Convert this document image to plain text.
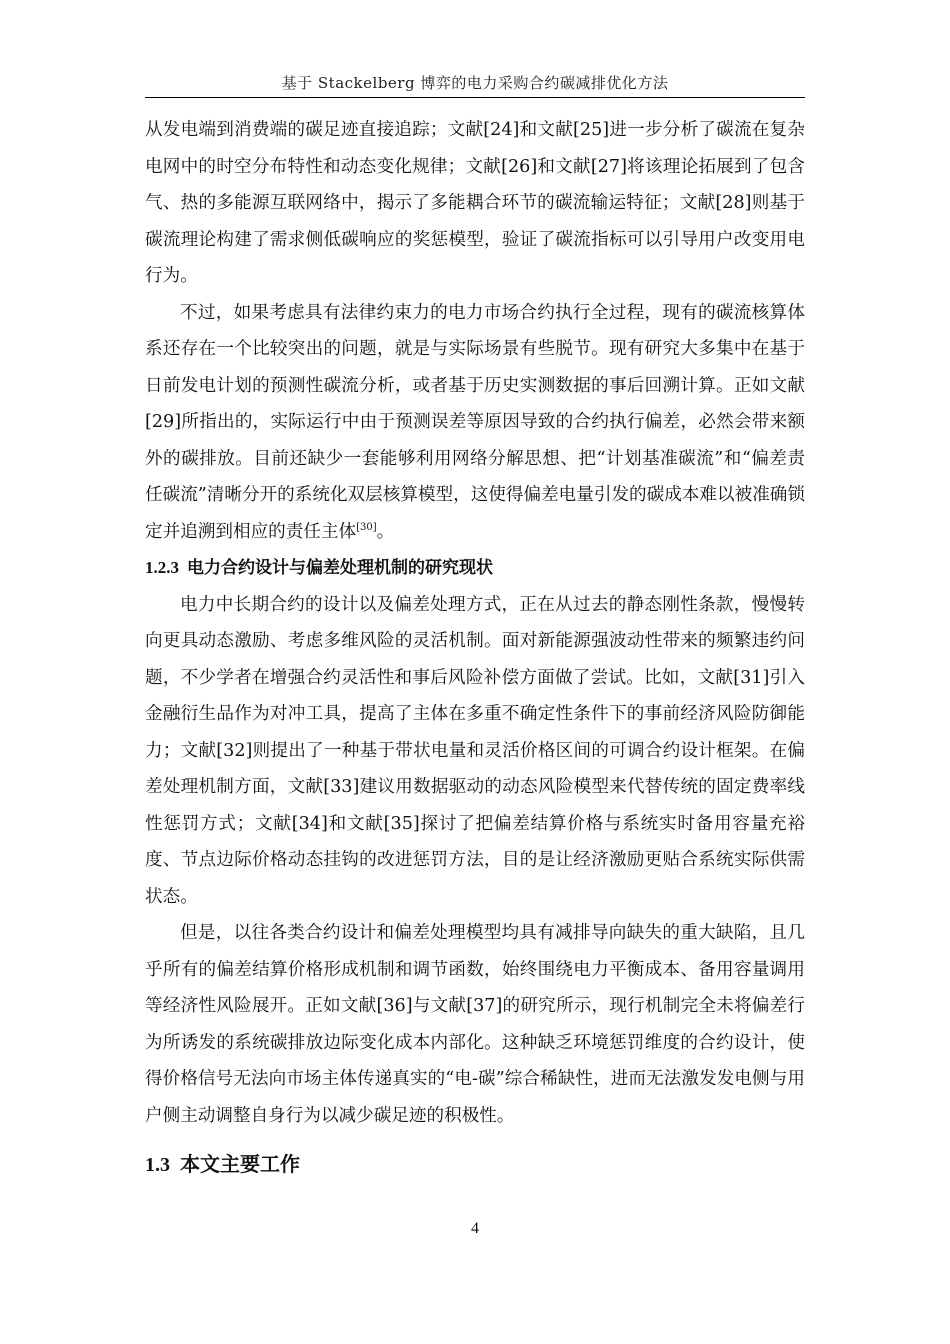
基于 Stackelberg 博弈的电力采购合约碳减排优化方法

从发电端到消费端的碳足迹直接追踪；文献[24]和文献[25]进一步分析了碳流在复杂电网中的时空分布特性和动态变化规律；文献[26]和文献[27]将该理论拓展到了包含气、热的多能源互联网络中，揭示了多能耦合环节的碳流输运特征；文献[28]则基于碳流理论构建了需求侧低碳响应的奖惩模型，验证了碳流指标可以引导用户改变用电行为。

不过，如果考虑具有法律约束力的电力市场合约执行全过程，现有的碳流核算体系还存在一个比较突出的问题，就是与实际场景有些脱节。现有研究大多集中在基于日前发电计划的预测性碳流分析，或者基于历史实测数据的事后回溯计算。正如文献[29]所指出的，实际运行中由于预测误差等原因导致的合约执行偏差，必然会带来额外的碳排放。目前还缺少一套能够利用网络分解思想、把“计划基准碳流”和“偏差责任碳流”清晰分开的系统化双层核算模型，这使得偏差电量引发的碳成本难以被准确锁定并追溯到相应的责任主体[30]。

1.2.3 电力合约设计与偏差处理机制的研究现状

电力中长期合约的设计以及偏差处理方式，正在从过去的静态刚性条款，慢慢转向更具动态激励、考虑多维风险的灵活机制。面对新能源强波动性带来的频繁违约问题，不少学者在增强合约灵活性和事后风险补偿方面做了尝试。比如，文献[31]引入金融衍生品作为对冲工具，提高了主体在多重不确定性条件下的事前经济风险防御能力；文献[32]则提出了一种基于带状电量和灵活价格区间的可调合约设计框架。在偏差处理机制方面，文献[33]建议用数据驱动的动态风险模型来代替传统的固定费率线性惩罚方式；文献[34]和文献[35]探讨了把偏差结算价格与系统实时备用容量充裕度、节点边际价格动态挂钩的改进惩罚方法，目的是让经济激励更贴合系统实际供需状态。

但是，以往各类合约设计和偏差处理模型均具有减排导向缺失的重大缺陷，且几乎所有的偏差结算价格形成机制和调节函数，始终围绕电力平衡成本、备用容量调用等经济性风险展开。正如文献[36]与文献[37]的研究所示，现行机制完全未将偏差行为所诱发的系统碳排放边际变化成本内部化。这种缺乏环境惩罚维度的合约设计，使得价格信号无法向市场主体传递真实的“电-碳”综合稀缺性，进而无法激发发电侧与用户侧主动调整自身行为以减少碳足迹的积极性。

1.3 本文主要工作
4
